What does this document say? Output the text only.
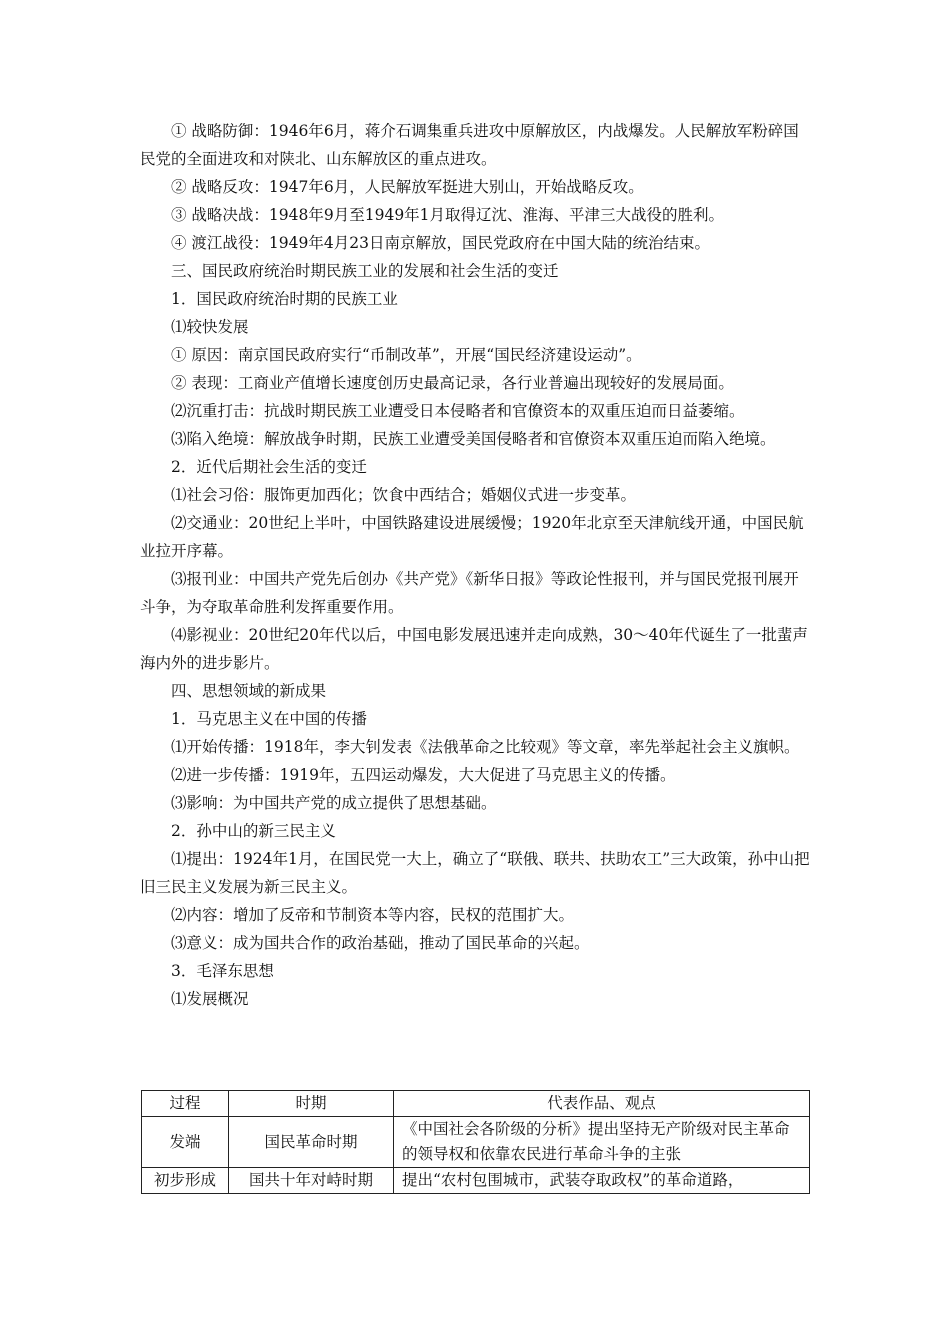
① 战略防御：1946年6月，蒋介石调集重兵进攻中原解放区，内战爆发。人民解放军粉碎国民党的全面进攻和对陕北、山东解放区的重点进攻。

② 战略反攻：1947年6月，人民解放军挺进大别山，开始战略反攻。

③ 战略决战：1948年9月至1949年1月取得辽沈、淮海、平津三大战役的胜利。

④ 渡江战役：1949年4月23日南京解放，国民党政府在中国大陆的统治结束。

三、国民政府统治时期民族工业的发展和社会生活的变迁

1．国民政府统治时期的民族工业

⑴较快发展

① 原因：南京国民政府实行“币制改革”，开展“国民经济建设运动”。

② 表现：工商业产值增长速度创历史最高记录，各行业普遍出现较好的发展局面。

⑵沉重打击：抗战时期民族工业遭受日本侵略者和官僚资本的双重压迫而日益萎缩。

⑶陷入绝境：解放战争时期，民族工业遭受美国侵略者和官僚资本双重压迫而陷入绝境。

2．近代后期社会生活的变迁

⑴社会习俗：服饰更加西化；饮食中西结合；婚姻仪式进一步变革。

⑵交通业：20世纪上半叶，中国铁路建设进展缓慢；1920年北京至天津航线开通，中国民航业拉开序幕。

⑶报刊业：中国共产党先后创办《共产党》《新华日报》等政论性报刊，并与国民党报刊展开斗争，为夺取革命胜利发挥重要作用。

⑷影视业：20世纪20年代以后，中国电影发展迅速并走向成熟，30～40年代诞生了一批蜚声海内外的进步影片。

四、思想领域的新成果

1．马克思主义在中国的传播

⑴开始传播：1918年，李大钊发表《法俄革命之比较观》等文章，率先举起社会主义旗帜。

⑵进一步传播：1919年，五四运动爆发，大大促进了马克思主义的传播。

⑶影响：为中国共产党的成立提供了思想基础。

2．孙中山的新三民主义

⑴提出：1924年1月，在国民党一大上，确立了“联俄、联共、扶助农工”三大政策，孙中山把旧三民主义发展为新三民主义。

⑵内容：增加了反帝和节制资本等内容，民权的范围扩大。

⑶意义：成为国共合作的政治基础，推动了国民革命的兴起。

3．毛泽东思想

⑴发展概况

过程	时期	代表作品、观点
发端	国民革命时期	《中国社会各阶级的分析》提出坚持无产阶级对民主革命的领导权和依靠农民进行革命斗争的主张
初步形成	国共十年对峙时期	提出“农村包围城市，武装夺取政权”的革命道路，
